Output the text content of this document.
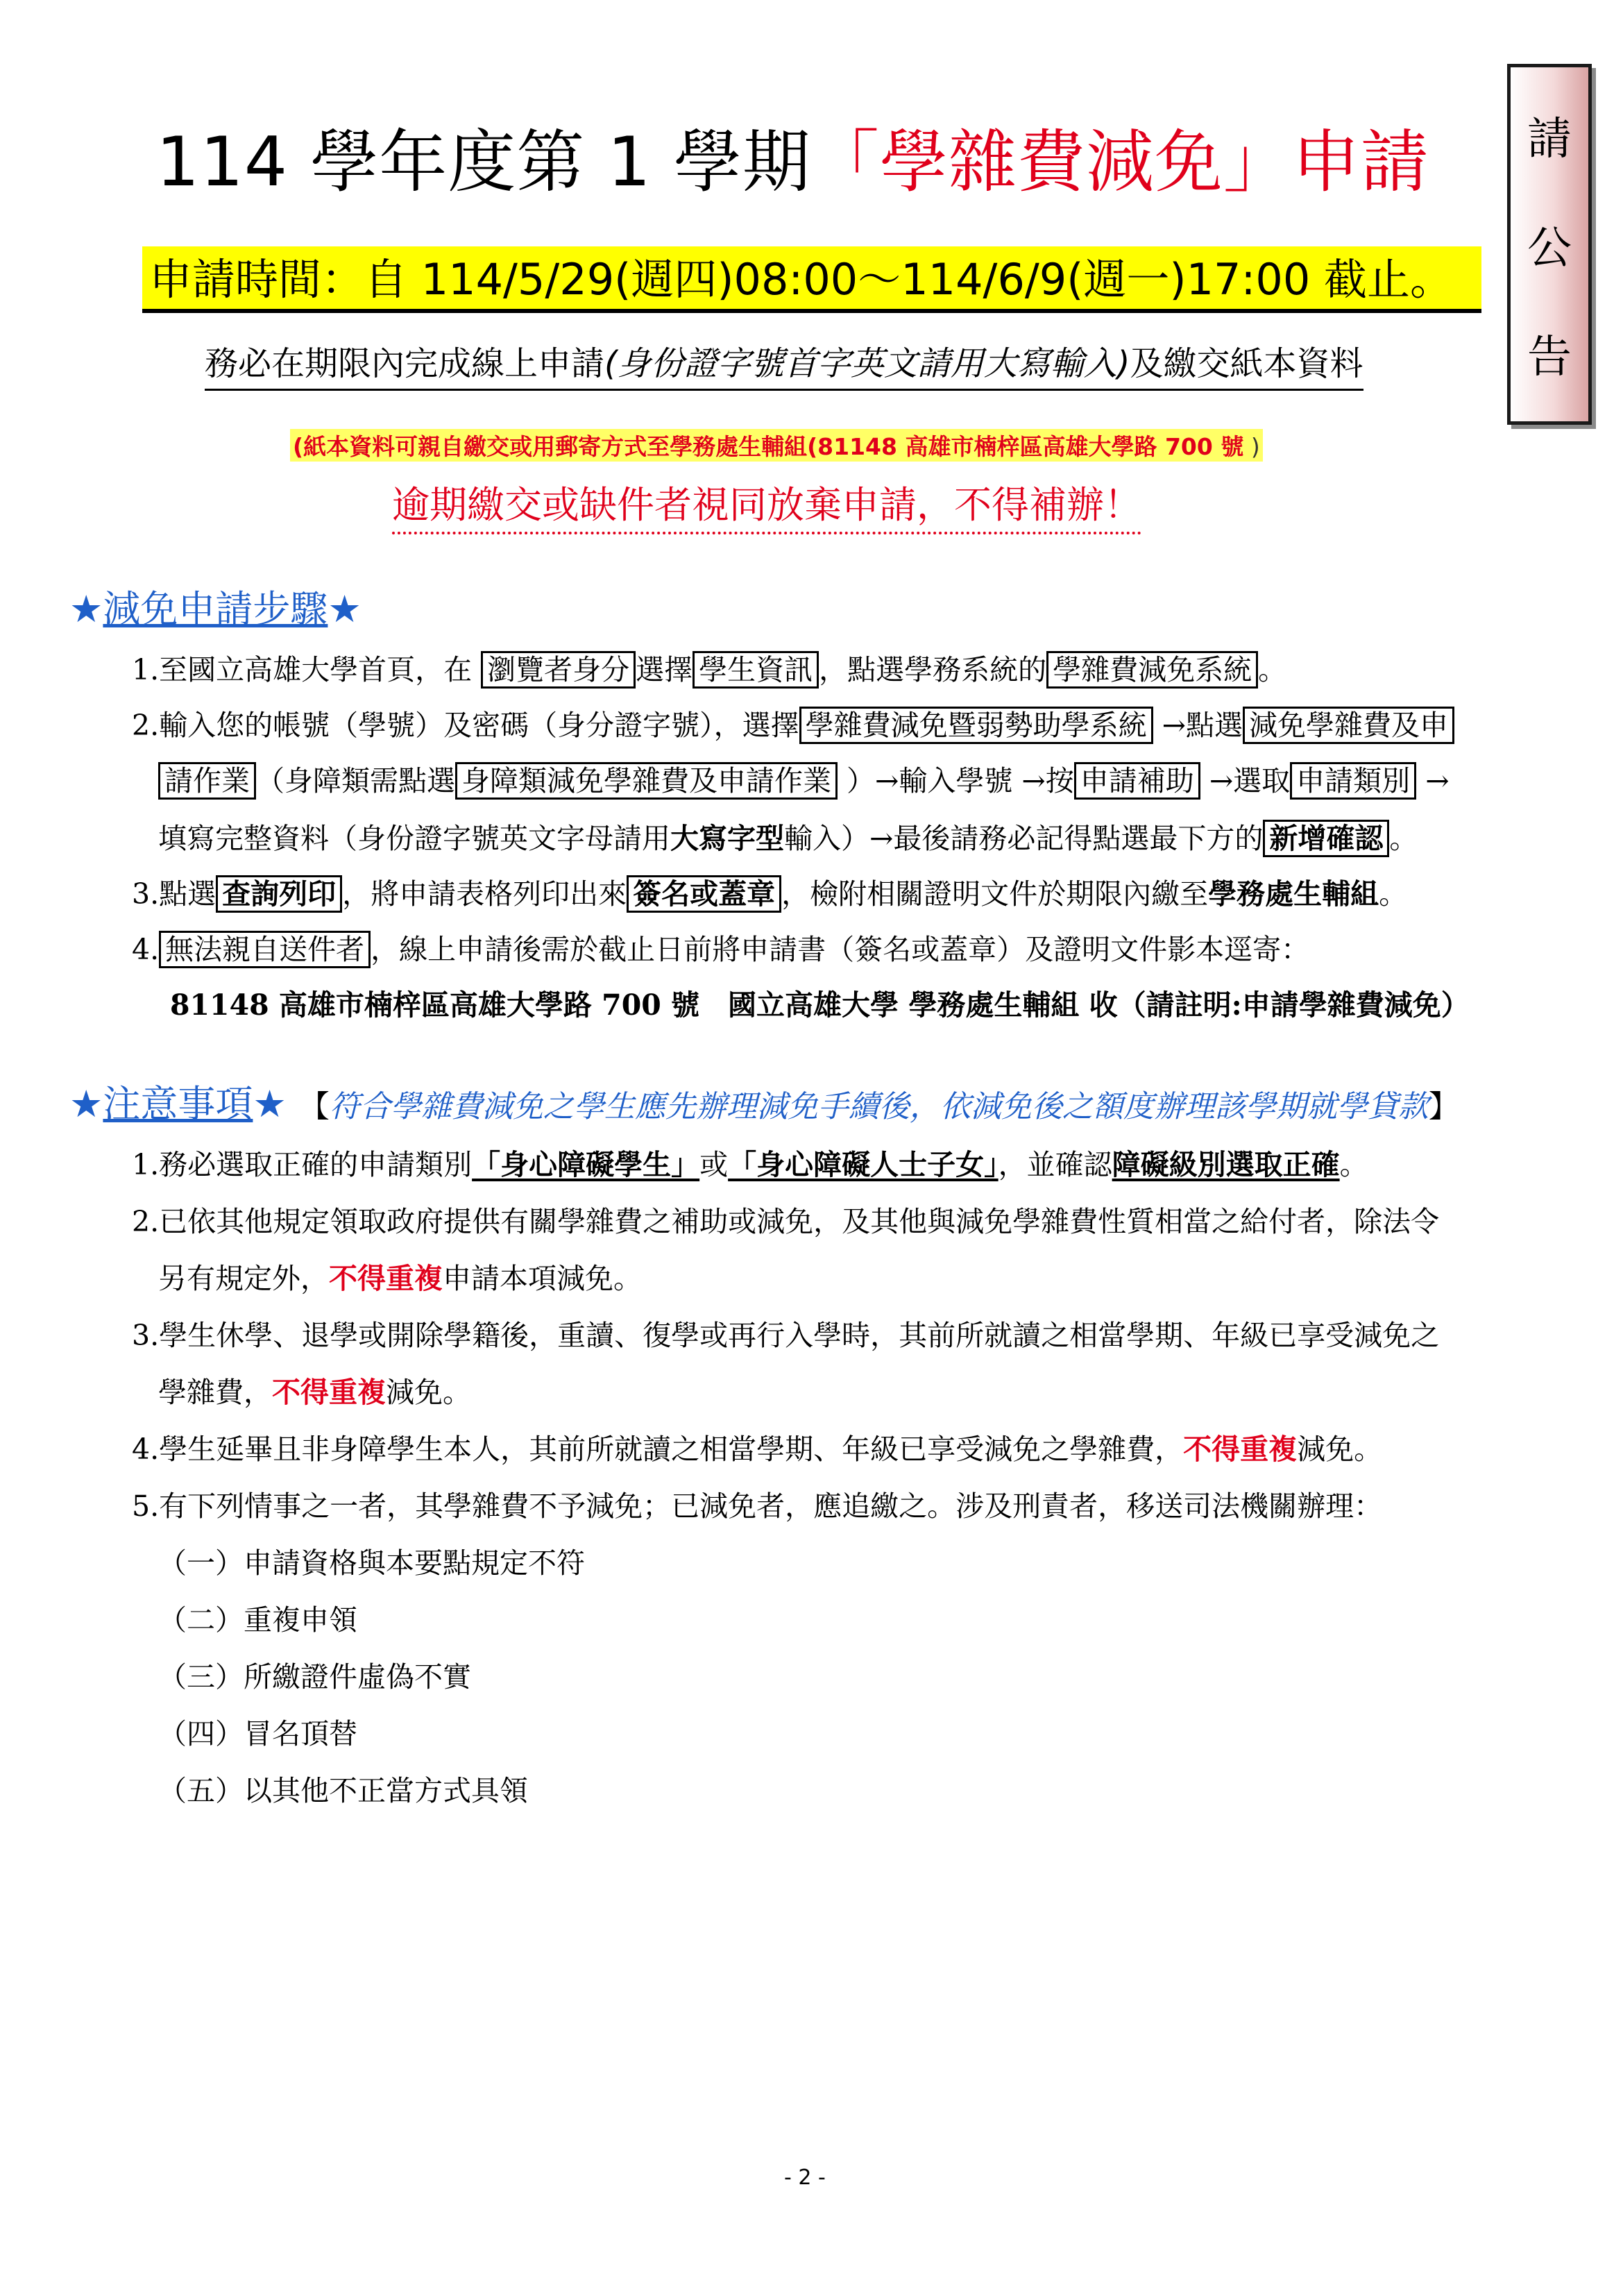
請
公
告
114 學年度第 1 學期「學雜費減免」申請
申請時間：自 114/5/29(週四)08:00～114/6/9(週一)17:00 截止。
務必在期限內完成線上申請(身份證字號首字英文請用大寫輸入)及繳交紙本資料
(紙本資料可親自繳交或用郵寄方式至學務處生輔組(81148 高雄市楠梓區高雄大學路 700 號 )
逾期繳交或缺件者視同放棄申請，不得補辦！
★減免申請步驟★
1.至國立高雄大學首頁，在 瀏覽者身分 選擇 學生資訊 ，點選學務系統的 學雜費減免系統 。
2.輸入您的帳號（學號）及密碼（身分證字號），選擇 學雜費減免暨弱勢助學系統 →點選 減免學雜費及申
請作業 （身障類需點選 身障類減免學雜費及申請作業 ）→輸入學號 →按 申請補助 →選取 申請類別 →
填寫完整資料（身份證字號英文字母請用大寫字型輸入）→最後請務必記得點選最下方的 新增確認 。
3.點選 查詢列印 ，將申請表格列印出來 簽名或蓋章 ，檢附相關證明文件於期限內繳至學務處生輔組。
4. 無法親自送件者 ，線上申請後需於截止日前將申請書（簽名或蓋章）及證明文件影本逕寄：
81148 高雄市楠梓區高雄大學路 700 號　國立高雄大學 學務處生輔組 收（請註明:申請學雜費減免）
★注意事項★ 【符合學雜費減免之學生應先辦理減免手續後，依減免後之額度辦理該學期就學貸款】
1.務必選取正確的申請類別「身心障礙學生」或「身心障礙人士子女」，並確認障礙級別選取正確。
2.已依其他規定領取政府提供有關學雜費之補助或減免，及其他與減免學雜費性質相當之給付者，除法令
另有規定外，不得重複申請本項減免。
3.學生休學、退學或開除學籍後，重讀、復學或再行入學時，其前所就讀之相當學期、年級已享受減免之
學雜費，不得重複減免。
4.學生延畢且非身障學生本人，其前所就讀之相當學期、年級已享受減免之學雜費，不得重複減免。
5.有下列情事之一者，其學雜費不予減免；已減免者，應追繳之。涉及刑責者，移送司法機關辦理：
（一）申請資格與本要點規定不符
（二）重複申領
（三）所繳證件虛偽不實
（四）冒名頂替
（五）以其他不正當方式具領
- 2 -
